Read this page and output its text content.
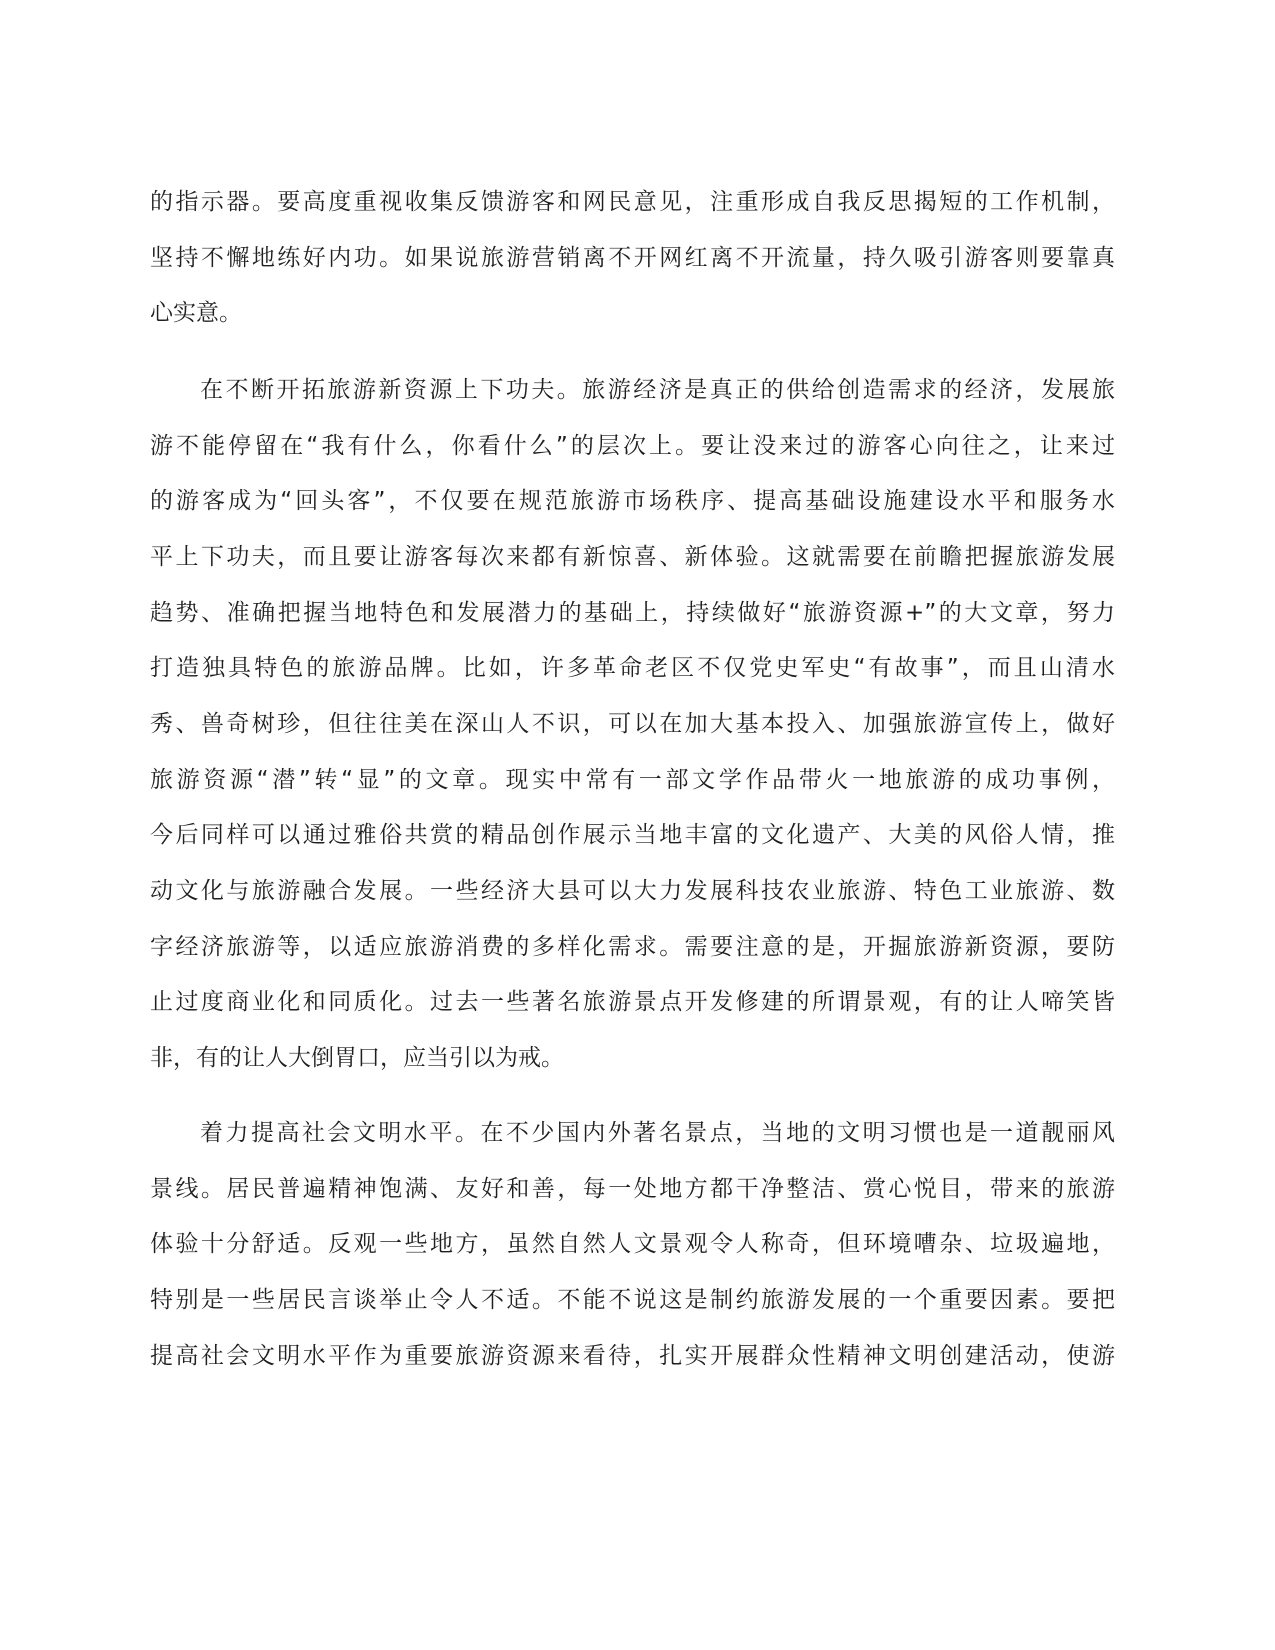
的指示器。要高度重视收集反馈游客和网民意见，注重形成自我反思揭短的工作机制，
坚持不懈地练好内功。如果说旅游营销离不开网红离不开流量，持久吸引游客则要靠真
心实意。
在不断开拓旅游新资源上下功夫。旅游经济是真正的供给创造需求的经济，发展旅
游不能停留在“我有什么，你看什么”的层次上。要让没来过的游客心向往之，让来过
的游客成为“回头客”，不仅要在规范旅游市场秩序、提高基础设施建设水平和服务水
平上下功夫，而且要让游客每次来都有新惊喜、新体验。这就需要在前瞻把握旅游发展
趋势、准确把握当地特色和发展潜力的基础上，持续做好“旅游资源+”的大文章，努力
打造独具特色的旅游品牌。比如，许多革命老区不仅党史军史“有故事”，而且山清水
秀、兽奇树珍，但往往美在深山人不识，可以在加大基本投入、加强旅游宣传上，做好
旅游资源“潜”转“显”的文章。现实中常有一部文学作品带火一地旅游的成功事例，
今后同样可以通过雅俗共赏的精品创作展示当地丰富的文化遗产、大美的风俗人情，推
动文化与旅游融合发展。一些经济大县可以大力发展科技农业旅游、特色工业旅游、数
字经济旅游等，以适应旅游消费的多样化需求。需要注意的是，开掘旅游新资源，要防
止过度商业化和同质化。过去一些著名旅游景点开发修建的所谓景观，有的让人啼笑皆
非，有的让人大倒胃口，应当引以为戒。
着力提高社会文明水平。在不少国内外著名景点，当地的文明习惯也是一道靓丽风
景线。居民普遍精神饱满、友好和善，每一处地方都干净整洁、赏心悦目，带来的旅游
体验十分舒适。反观一些地方，虽然自然人文景观令人称奇，但环境嘈杂、垃圾遍地，
特别是一些居民言谈举止令人不适。不能不说这是制约旅游发展的一个重要因素。要把
提高社会文明水平作为重要旅游资源来看待，扎实开展群众性精神文明创建活动，使游
